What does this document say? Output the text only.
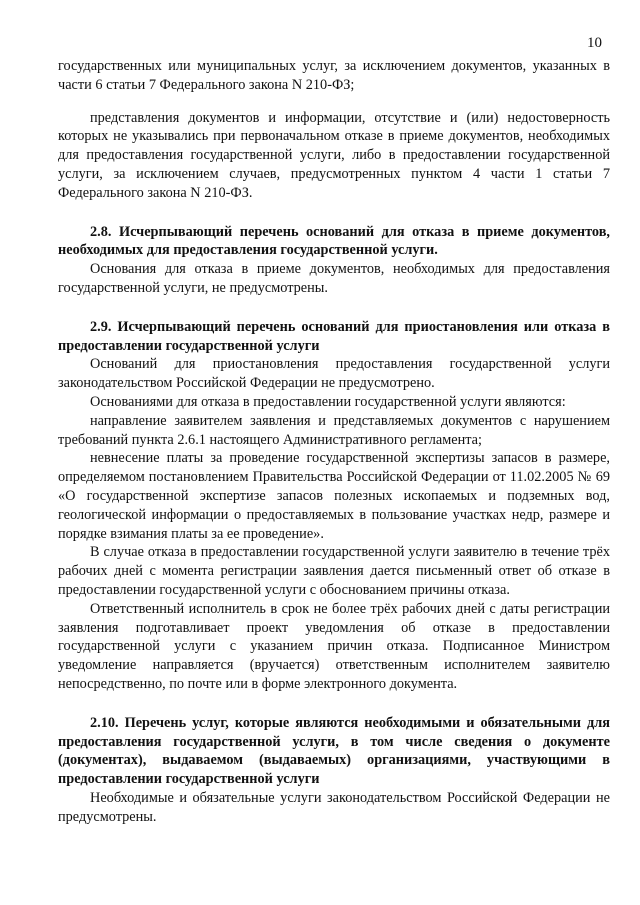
10

государственных или муниципальных услуг, за исключением документов, указанных в части 6 статьи 7 Федерального закона N 210-ФЗ;

представления документов и информации, отсутствие и (или) недостоверность которых не указывались при первоначальном отказе в приеме документов, необходимых для предоставления государственной услуги, либо в предоставлении государственной услуги, за исключением случаев, предусмотренных пунктом 4 части 1 статьи 7 Федерального закона N 210-ФЗ.

2.8. Исчерпывающий перечень оснований для отказа в приеме документов, необходимых для предоставления государственной услуги.

Основания для отказа в приеме документов, необходимых для предоставления государственной услуги, не предусмотрены.

2.9. Исчерпывающий перечень оснований для приостановления или отказа в предоставлении государственной услуги

Оснований для приостановления предоставления государственной услуги законодательством Российской Федерации не предусмотрено.

Основаниями для отказа в предоставлении государственной услуги являются:

направление заявителем заявления и представляемых документов с нарушением требований пункта 2.6.1 настоящего Административного регламента;

невнесение платы за проведение государственной экспертизы запасов в размере, определяемом постановлением Правительства Российской Федерации от 11.02.2005 № 69 «О государственной экспертизе запасов полезных ископаемых и подземных вод, геологической информации о предоставляемых в пользование участках недр, размере и порядке взимания платы за ее проведение».

В случае отказа в предоставлении государственной услуги заявителю в течение трёх рабочих дней с момента регистрации заявления дается письменный ответ об отказе в предоставлении государственной услуги с обоснованием причины отказа.

Ответственный исполнитель в срок не более трёх рабочих дней с даты регистрации заявления подготавливает проект уведомления об отказе в предоставлении государственной услуги с указанием причин отказа. Подписанное Министром уведомление направляется (вручается) ответственным исполнителем заявителю непосредственно, по почте или в форме электронного документа.

2.10. Перечень услуг, которые являются необходимыми и обязательными для предоставления государственной услуги, в том числе сведения о документе (документах), выдаваемом (выдаваемых) организациями, участвующими в предоставлении государственной услуги

Необходимые и обязательные услуги законодательством Российской Федерации не предусмотрены.
